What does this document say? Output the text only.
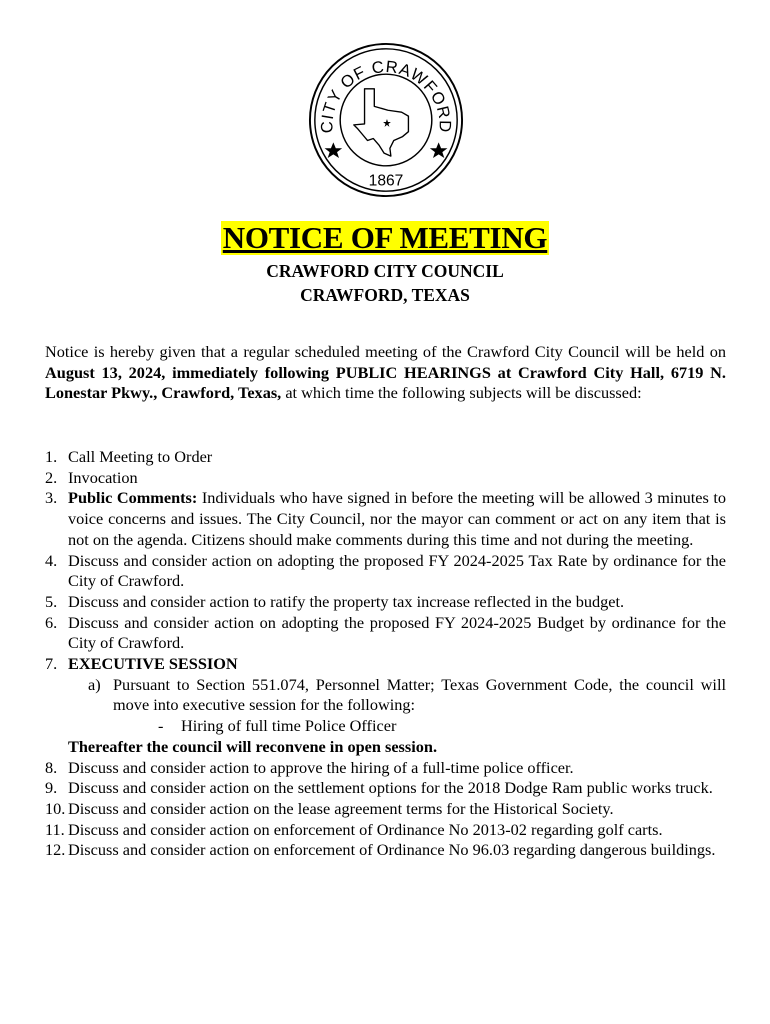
CITY OF CRAWFORD
1867
NOTICE OF MEETING
CRAWFORD CITY COUNCIL
CRAWFORD, TEXAS
Notice is hereby given that a regular scheduled meeting of the Crawford City Council will be held on August 13, 2024, immediately following PUBLIC HEARINGS at Crawford City Hall, 6719 N. Lonestar Pkwy., Crawford, Texas, at which time the following subjects will be discussed:
1. Call Meeting to Order
2. Invocation
3. Public Comments: Individuals who have signed in before the meeting will be allowed 3 minutes to voice concerns and issues. The City Council, nor the mayor can comment or act on any item that is not on the agenda. Citizens should make comments during this time and not during the meeting.
4. Discuss and consider action on adopting the proposed FY 2024-2025 Tax Rate by ordinance for the City of Crawford.
5. Discuss and consider action to ratify the property tax increase reflected in the budget.
6. Discuss and consider action on adopting the proposed FY 2024-2025 Budget by ordinance for the City of Crawford.
7. EXECUTIVE SESSION
a) Pursuant to Section 551.074, Personnel Matter; Texas Government Code, the council will move into executive session for the following:
- Hiring of full time Police Officer
Thereafter the council will reconvene in open session.
8. Discuss and consider action to approve the hiring of a full-time police officer.
9. Discuss and consider action on the settlement options for the 2018 Dodge Ram public works truck.
10. Discuss and consider action on the lease agreement terms for the Historical Society.
11. Discuss and consider action on enforcement of Ordinance No 2013-02 regarding golf carts.
12. Discuss and consider action on enforcement of Ordinance No 96.03 regarding dangerous buildings.
